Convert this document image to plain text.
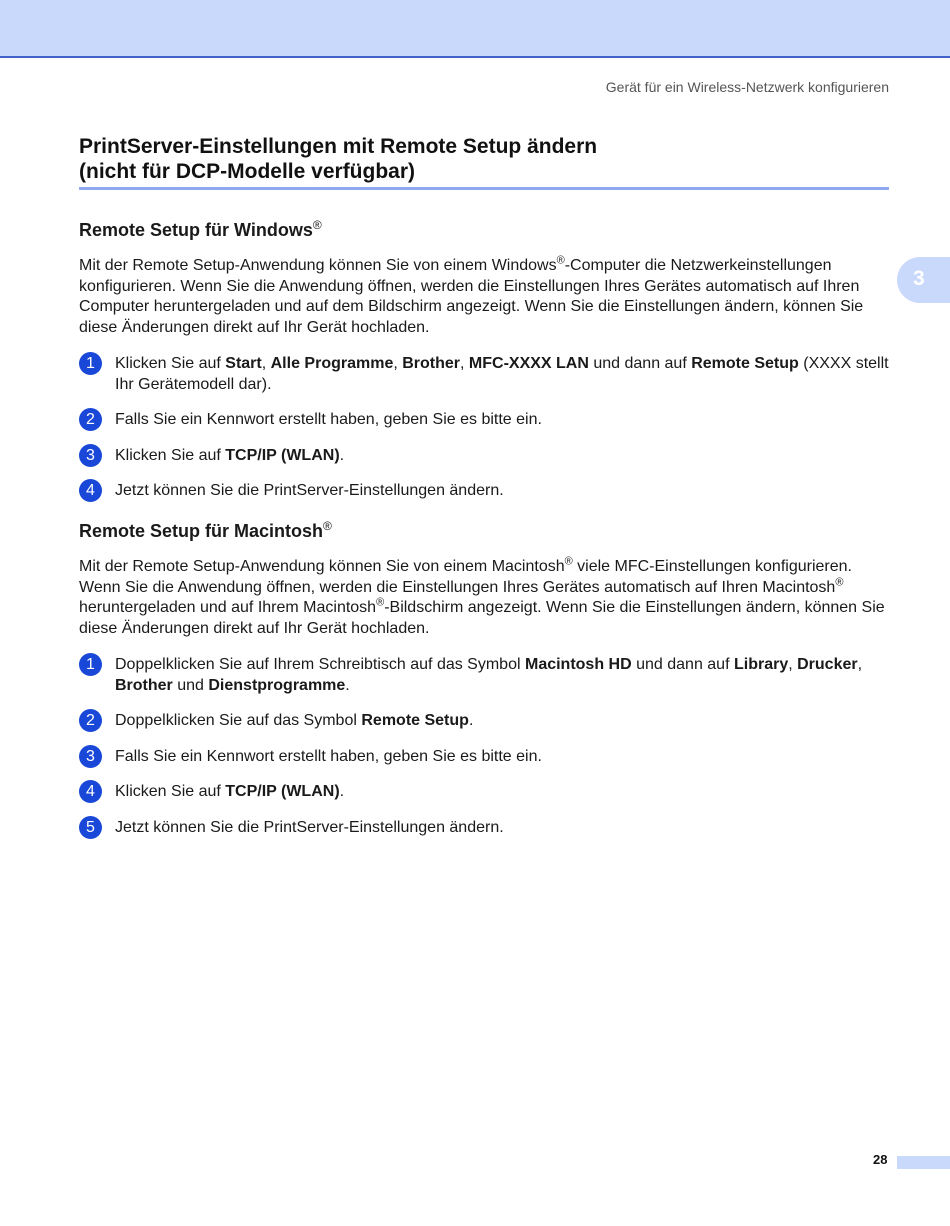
Gerät für ein Wireless-Netzwerk konfigurieren
3
PrintServer-Einstellungen mit Remote Setup ändern
(nicht für DCP-Modelle verfügbar)
Remote Setup für Windows®

Mit der Remote Setup-Anwendung können Sie von einem Windows®-Computer die Netzwerkeinstellungen konfigurieren. Wenn Sie die Anwendung öffnen, werden die Einstellungen Ihres Gerätes automatisch auf Ihren Computer heruntergeladen und auf dem Bildschirm angezeigt. Wenn Sie die Einstellungen ändern, können Sie diese Änderungen direkt auf Ihr Gerät hochladen.

1	Klicken Sie auf Start, Alle Programme, Brother, MFC-XXXX LAN und dann auf Remote Setup (XXXX stellt Ihr Gerätemodell dar).
2	Falls Sie ein Kennwort erstellt haben, geben Sie es bitte ein.
3	Klicken Sie auf TCP/IP (WLAN).
4	Jetzt können Sie die PrintServer-Einstellungen ändern.
Remote Setup für Macintosh®

Mit der Remote Setup-Anwendung können Sie von einem Macintosh® viele MFC-Einstellungen konfigurieren. Wenn Sie die Anwendung öffnen, werden die Einstellungen Ihres Gerätes automatisch auf Ihren Macintosh® heruntergeladen und auf Ihrem Macintosh®-Bildschirm angezeigt. Wenn Sie die Einstellungen ändern, können Sie diese Änderungen direkt auf Ihr Gerät hochladen.

1	Doppelklicken Sie auf Ihrem Schreibtisch auf das Symbol Macintosh HD und dann auf Library, Drucker, Brother und Dienstprogramme.
2	Doppelklicken Sie auf das Symbol Remote Setup.
3	Falls Sie ein Kennwort erstellt haben, geben Sie es bitte ein.
4	Klicken Sie auf TCP/IP (WLAN).
5	Jetzt können Sie die PrintServer-Einstellungen ändern.
28
